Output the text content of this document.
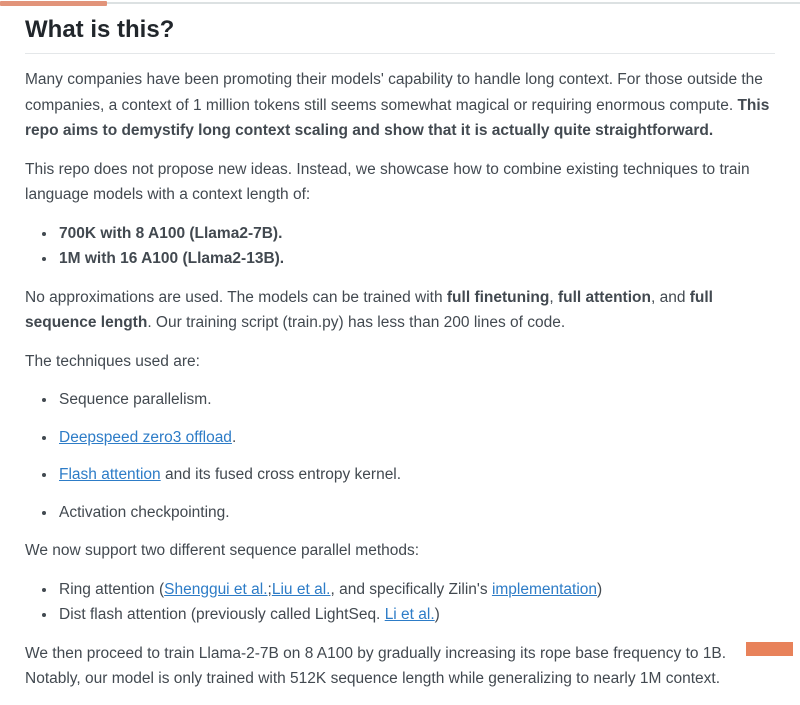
What is this?

Many companies have been promoting their models' capability to handle long context. For those outside the companies, a context of 1 million tokens still seems somewhat magical or requiring enormous compute. This repo aims to demystify long context scaling and show that it is actually quite straightforward.

This repo does not propose new ideas. Instead, we showcase how to combine existing techniques to train language models with a context length of:

• 700K with 8 A100 (Llama2-7B).
• 1M with 16 A100 (Llama2-13B).

No approximations are used. The models can be trained with full finetuning, full attention, and full sequence length. Our training script (train.py) has less than 200 lines of code.

The techniques used are:

• Sequence parallelism.
• Deepspeed zero3 offload.
• Flash attention and its fused cross entropy kernel.
• Activation checkpointing.

We now support two different sequence parallel methods:

• Ring attention (Shenggui et al.;Liu et al., and specifically Zilin's implementation)
• Dist flash attention (previously called LightSeq. Li et al.)

We then proceed to train Llama-2-7B on 8 A100 by gradually increasing its rope base frequency to 1B. Notably, our model is only trained with 512K sequence length while generalizing to nearly 1M context.
